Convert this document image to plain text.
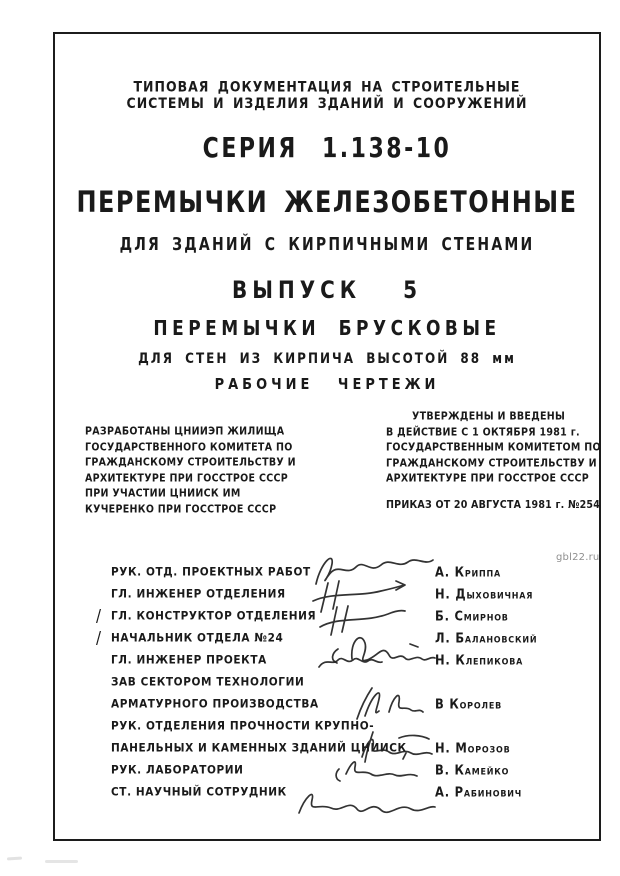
ТИПОВАЯ ДОКУМЕНТАЦИЯ НА СТРОИТЕЛЬНЫЕ
СИСТЕМЫ И ИЗДЕЛИЯ ЗДАНИЙ И СООРУЖЕНИЙ
СЕРИЯ 1.138-10
ПЕРЕМЫЧКИ ЖЕЛЕЗОБЕТОННЫЕ
ДЛЯ ЗДАНИЙ С КИРПИЧНЫМИ СТЕНАМИ
ВЫПУСК 5
ПЕРЕМЫЧКИ БРУСКОВЫЕ
ДЛЯ СТЕН ИЗ КИРПИЧА ВЫСОТОЙ 88 мм
РАБОЧИЕ ЧЕРТЕЖИ
РАЗРАБОТАНЫ ЦНИИЭП ЖИЛИЩА
ГОСУДАРСТВЕННОГО КОМИТЕТА ПО
ГРАЖДАНСКОМУ СТРОИТЕЛЬСТВУ И
АРХИТЕКТУРЕ ПРИ ГОССТРОЕ СССР
ПРИ УЧАСТИИ ЦНИИСК ИМ
КУЧЕРЕНКО ПРИ ГОССТРОЕ СССР
УТВЕРЖДЕНЫ И ВВЕДЕНЫ
В ДЕЙСТВИЕ С 1 ОКТЯБРЯ 1981 г.
ГОСУДАРСТВЕННЫМ КОМИТЕТОМ ПО
ГРАЖДАНСКОМУ СТРОИТЕЛЬСТВУ И
АРХИТЕКТУРЕ ПРИ ГОССТРОЕ СССР
ПРИКАЗ ОТ 20 АВГУСТА 1981 г. №254
РУК. ОТД. ПРОЕКТНЫХ РАБОТ	А. Криппа
ГЛ. ИНЖЕНЕР ОТДЕЛЕНИЯ	Н. Дыховичная
/ ГЛ. КОНСТРУКТОР ОТДЕЛЕНИЯ	Б. Смирнов
/ НАЧАЛЬНИК ОТДЕЛА №24	Л. Балановский
ГЛ. ИНЖЕНЕР ПРОЕКТА	Н. Клепикова
ЗАВ СЕКТОРОМ ТЕХНОЛОГИИ
АРМАТУРНОГО ПРОИЗВОДСТВА	В Королев
РУК. ОТДЕЛЕНИЯ ПРОЧНОСТИ КРУПНО-
ПАНЕЛЬНЫХ И КАМЕННЫХ ЗДАНИЙ ЦНИИСК Н. Морозов
РУК. ЛАБОРАТОРИИ	В. Камейко
СТ. НАУЧНЫЙ СОТРУДНИК	А. Рабинович
gbl22.ru
